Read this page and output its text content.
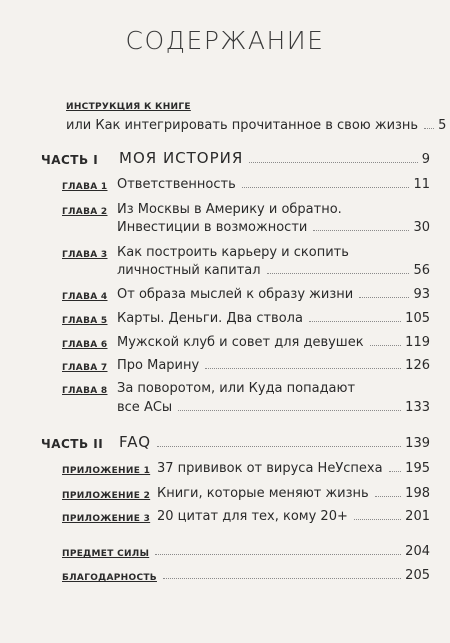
СОДЕРЖАНИЕ
ИНСТРУКЦИЯ К КНИГЕ
или Как интегрировать прочитанное в свою жизнь 5
ЧАСТЬ I	МОЯ ИСТОРИЯ	9
ГЛАВА 1 Ответственность	11
ГЛАВА 2 Из Москвы в Америку и обратно.
Инвестиции в возможности	30
ГЛАВА 3 Как построить карьеру и скопить
личностный капитал	56
ГЛАВА 4 От образа мыслей к образу жизни	93
ГЛАВА 5 Карты. Деньги. Два ствола	105
ГЛАВА 6 Мужской клуб и совет для девушек	119
ГЛАВА 7 Про Марину	126
ГЛАВА 8 За поворотом, или Куда попадают
все АСы	133
ЧАСТЬ II	FAQ	139
ПРИЛОЖЕНИЕ 1 37 прививок от вируса НеУспеха 195
ПРИЛОЖЕНИЕ 2 Книги, которые меняют жизнь	198
ПРИЛОЖЕНИЕ 3 20 цитат для тех, кому 20+	201
ПРЕДМЕТ СИЛЫ	204
БЛАГОДАРНОСТЬ	205
